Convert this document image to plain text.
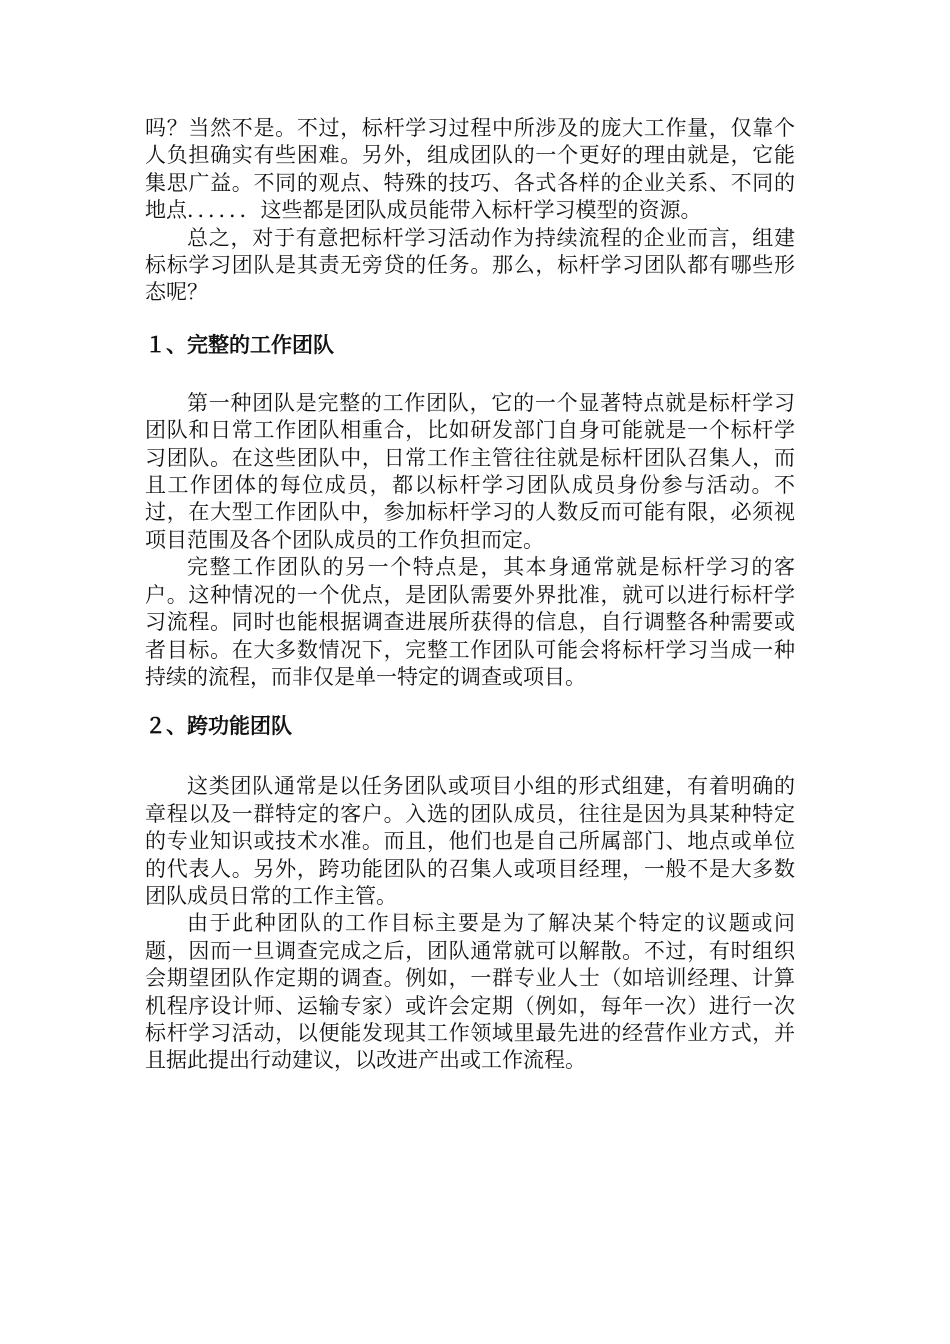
吗？当然不是。不过，标杆学习过程中所涉及的庞大工作量，仅靠个人负担确实有些困难。另外，组成团队的一个更好的理由就是，它能集思广益。不同的观点、特殊的技巧、各式各样的企业关系、不同的地点．．．．．．这些都是团队成员能带入标杆学习模型的资源。

总之，对于有意把标杆学习活动作为持续流程的企业而言，组建标标学习团队是其责无旁贷的任务。那么，标杆学习团队都有哪些形态呢？

１、完整的工作团队

第一种团队是完整的工作团队，它的一个显著特点就是标杆学习团队和日常工作团队相重合，比如研发部门自身可能就是一个标杆学习团队。在这些团队中，日常工作主管往往就是标杆团队召集人，而且工作团体的每位成员，都以标杆学习团队成员身份参与活动。不过，在大型工作团队中，参加标杆学习的人数反而可能有限，必须视项目范围及各个团队成员的工作负担而定。

完整工作团队的另一个特点是，其本身通常就是标杆学习的客户。这种情况的一个优点，是团队需要外界批准，就可以进行标杆学习流程。同时也能根据调查进展所获得的信息，自行调整各种需要或者目标。在大多数情况下，完整工作团队可能会将标杆学习当成一种持续的流程，而非仅是单一特定的调查或项目。

２、跨功能团队

这类团队通常是以任务团队或项目小组的形式组建，有着明确的章程以及一群特定的客户。入选的团队成员，往往是因为具某种特定的专业知识或技术水准。而且，他们也是自己所属部门、地点或单位的代表人。另外，跨功能团队的召集人或项目经理，一般不是大多数团队成员日常的工作主管。

由于此种团队的工作目标主要是为了解决某个特定的议题或问题，因而一旦调查完成之后，团队通常就可以解散。不过，有时组织会期望团队作定期的调查。例如，一群专业人士（如培训经理、计算机程序设计师、运输专家）或许会定期（例如，每年一次）进行一次标杆学习活动，以便能发现其工作领域里最先进的经营作业方式，并且据此提出行动建议，以改进产出或工作流程。
